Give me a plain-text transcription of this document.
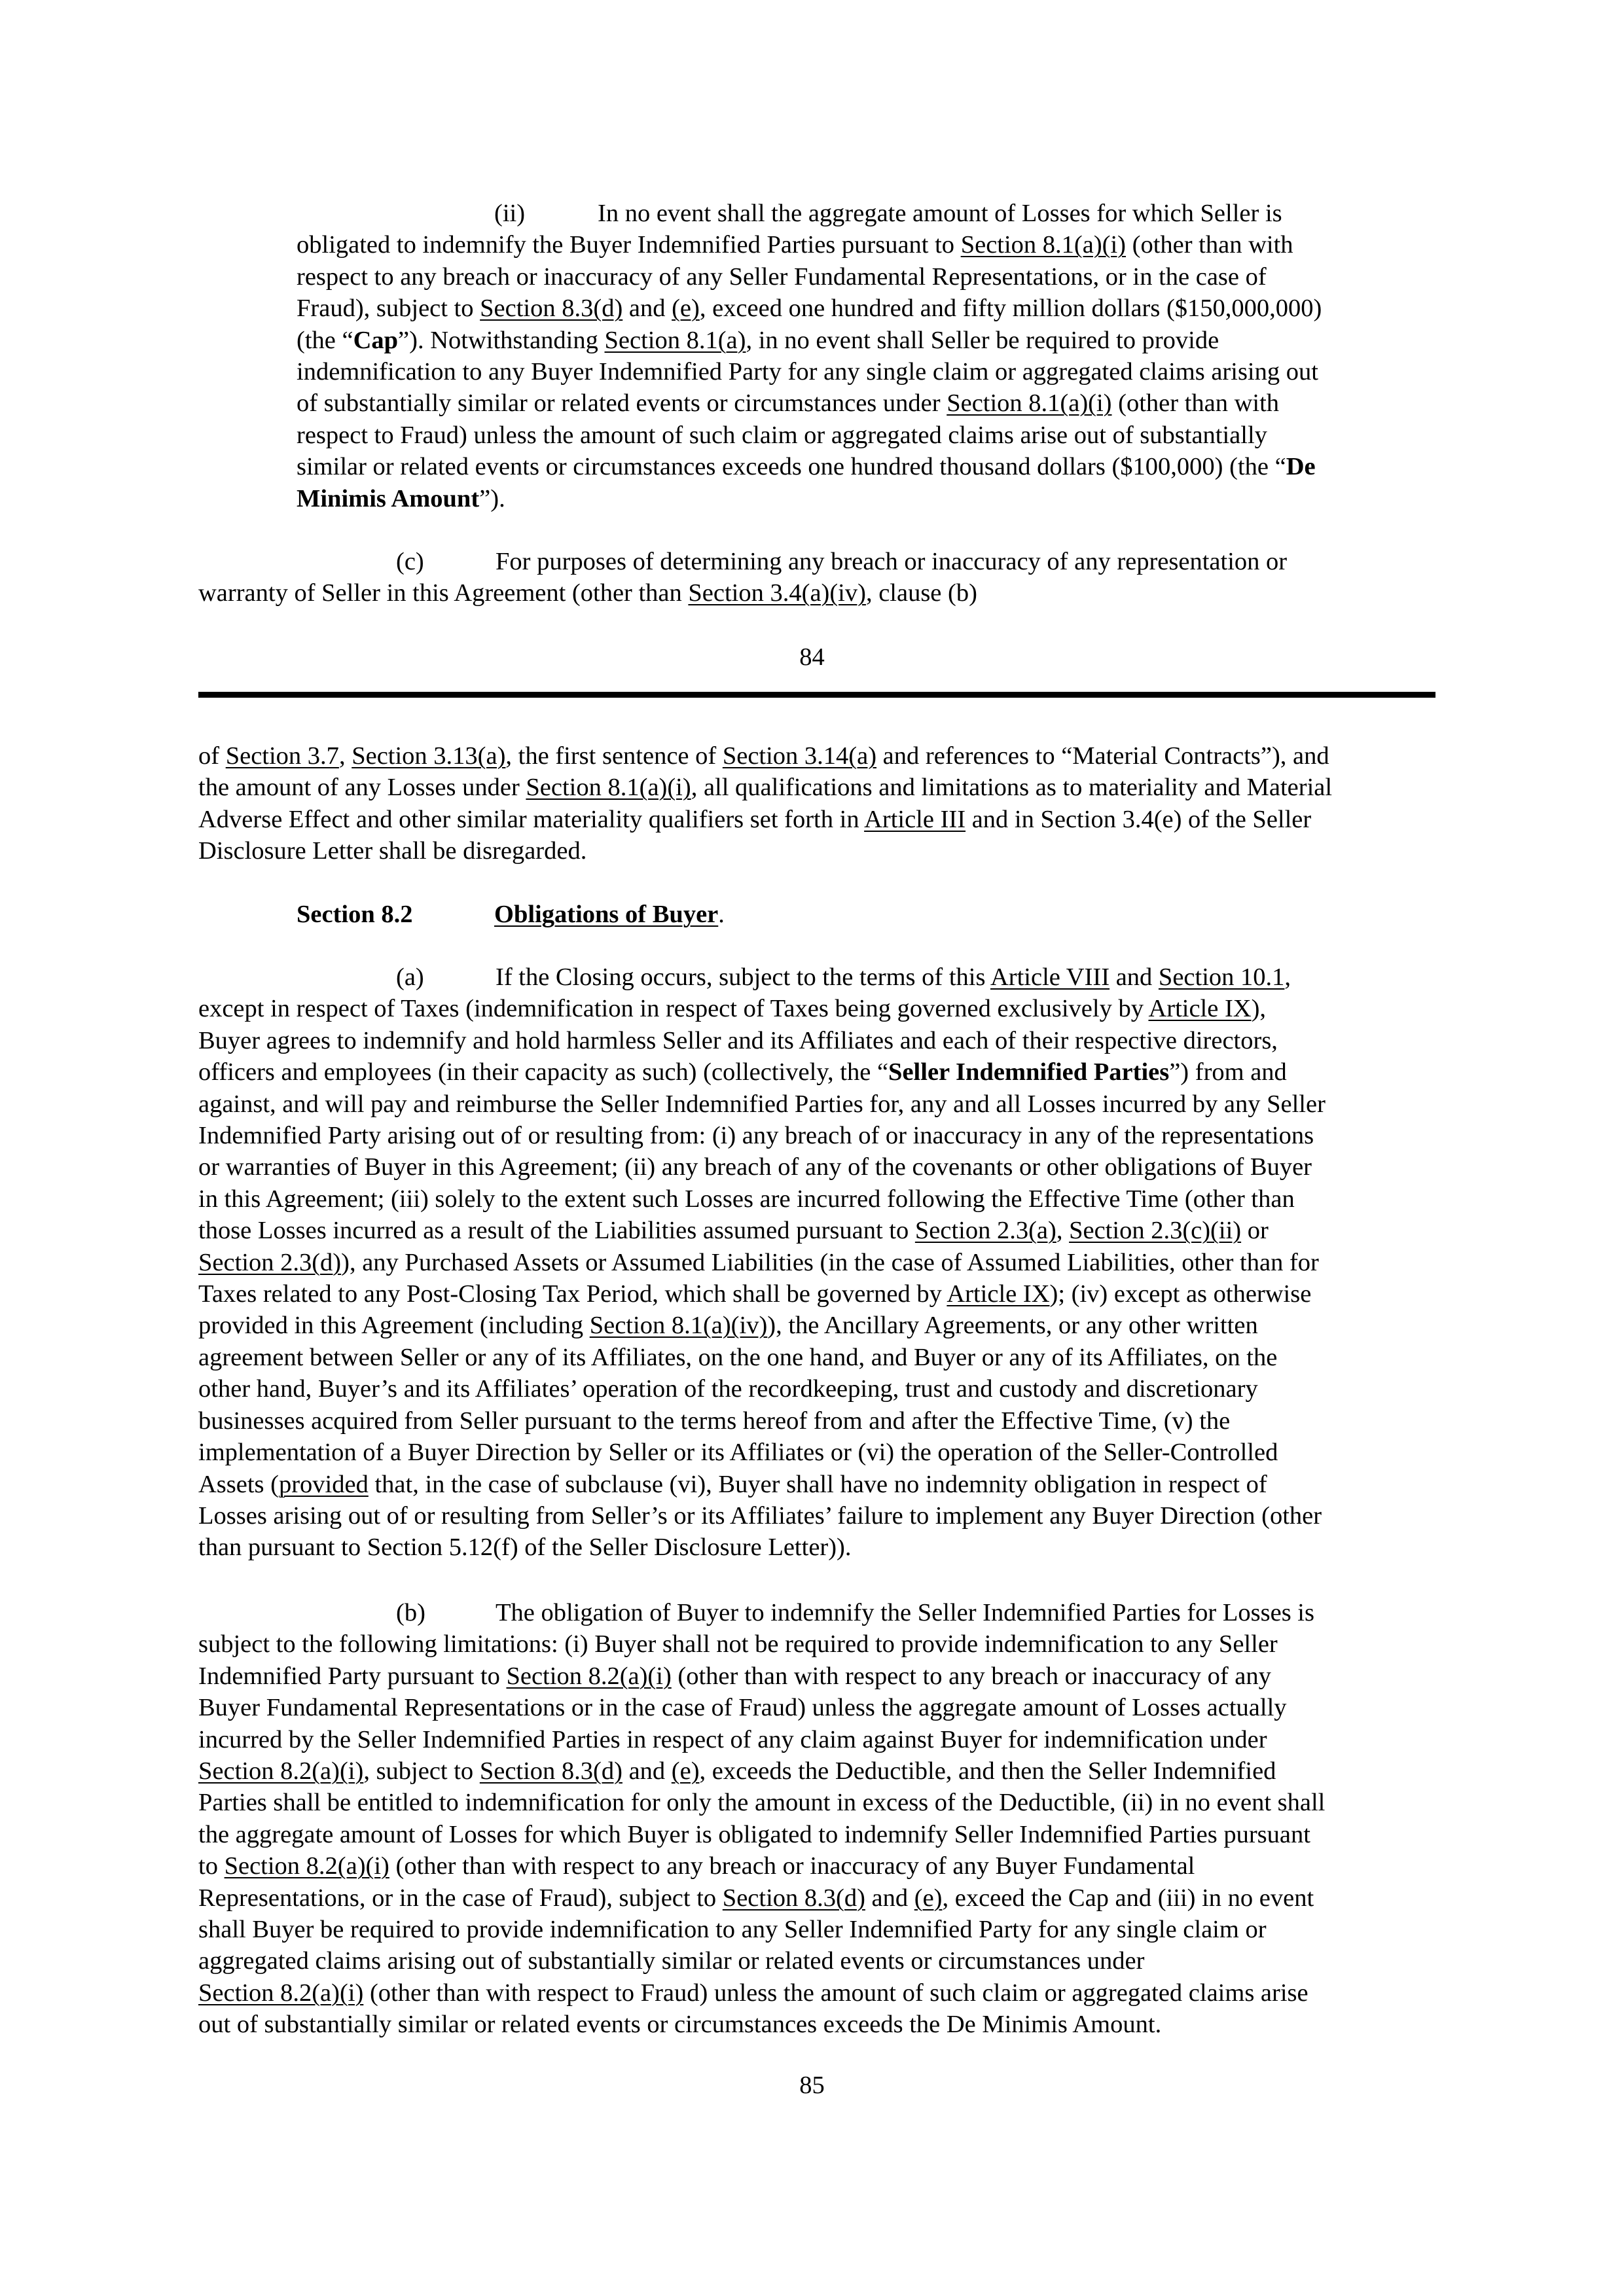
(ii)	In no event shall the aggregate amount of Losses for which Seller is
obligated to indemnify the Buyer Indemnified Parties pursuant to Section 8.1(a)(i) (other than with
respect to any breach or inaccuracy of any Seller Fundamental Representations, or in the case of
Fraud), subject to Section 8.3(d) and (e), exceed one hundred and fifty million dollars ($150,000,000)
(the “Cap”). Notwithstanding Section 8.1(a), in no event shall Seller be required to provide
indemnification to any Buyer Indemnified Party for any single claim or aggregated claims arising out
of substantially similar or related events or circumstances under Section 8.1(a)(i) (other than with
respect to Fraud) unless the amount of such claim or aggregated claims arise out of substantially
similar or related events or circumstances exceeds one hundred thousand dollars ($100,000) (the “De
Minimis Amount”).
(c)	For purposes of determining any breach or inaccuracy of any representation or
warranty of Seller in this Agreement (other than Section 3.4(a)(iv), clause (b)
84
of Section 3.7, Section 3.13(a), the first sentence of Section 3.14(a) and references to “Material Contracts”), and
the amount of any Losses under Section 8.1(a)(i), all qualifications and limitations as to materiality and Material
Adverse Effect and other similar materiality qualifiers set forth in Article III and in Section 3.4(e) of the Seller
Disclosure Letter shall be disregarded.
Section 8.2	Obligations of Buyer.
(a)	If the Closing occurs, subject to the terms of this Article VIII and Section 10.1,
except in respect of Taxes (indemnification in respect of Taxes being governed exclusively by Article IX),
Buyer agrees to indemnify and hold harmless Seller and its Affiliates and each of their respective directors,
officers and employees (in their capacity as such) (collectively, the “Seller Indemnified Parties”) from and
against, and will pay and reimburse the Seller Indemnified Parties for, any and all Losses incurred by any Seller
Indemnified Party arising out of or resulting from: (i) any breach of or inaccuracy in any of the representations
or warranties of Buyer in this Agreement; (ii) any breach of any of the covenants or other obligations of Buyer
in this Agreement; (iii) solely to the extent such Losses are incurred following the Effective Time (other than
those Losses incurred as a result of the Liabilities assumed pursuant to Section 2.3(a), Section 2.3(c)(ii) or
Section 2.3(d)), any Purchased Assets or Assumed Liabilities (in the case of Assumed Liabilities, other than for
Taxes related to any Post-Closing Tax Period, which shall be governed by Article IX); (iv) except as otherwise
provided in this Agreement (including Section 8.1(a)(iv)), the Ancillary Agreements, or any other written
agreement between Seller or any of its Affiliates, on the one hand, and Buyer or any of its Affiliates, on the
other hand, Buyer’s and its Affiliates’ operation of the recordkeeping, trust and custody and discretionary
businesses acquired from Seller pursuant to the terms hereof from and after the Effective Time, (v) the
implementation of a Buyer Direction by Seller or its Affiliates or (vi) the operation of the Seller-Controlled
Assets (provided that, in the case of subclause (vi), Buyer shall have no indemnity obligation in respect of
Losses arising out of or resulting from Seller’s or its Affiliates’ failure to implement any Buyer Direction (other
than pursuant to Section 5.12(f) of the Seller Disclosure Letter)).
(b)	The obligation of Buyer to indemnify the Seller Indemnified Parties for Losses is
subject to the following limitations: (i) Buyer shall not be required to provide indemnification to any Seller
Indemnified Party pursuant to Section 8.2(a)(i) (other than with respect to any breach or inaccuracy of any
Buyer Fundamental Representations or in the case of Fraud) unless the aggregate amount of Losses actually
incurred by the Seller Indemnified Parties in respect of any claim against Buyer for indemnification under
Section 8.2(a)(i), subject to Section 8.3(d) and (e), exceeds the Deductible, and then the Seller Indemnified
Parties shall be entitled to indemnification for only the amount in excess of the Deductible, (ii) in no event shall
the aggregate amount of Losses for which Buyer is obligated to indemnify Seller Indemnified Parties pursuant
to Section 8.2(a)(i) (other than with respect to any breach or inaccuracy of any Buyer Fundamental
Representations, or in the case of Fraud), subject to Section 8.3(d) and (e), exceed the Cap and (iii) in no event
shall Buyer be required to provide indemnification to any Seller Indemnified Party for any single claim or
aggregated claims arising out of substantially similar or related events or circumstances under
Section 8.2(a)(i) (other than with respect to Fraud) unless the amount of such claim or aggregated claims arise
out of substantially similar or related events or circumstances exceeds the De Minimis Amount.
85
